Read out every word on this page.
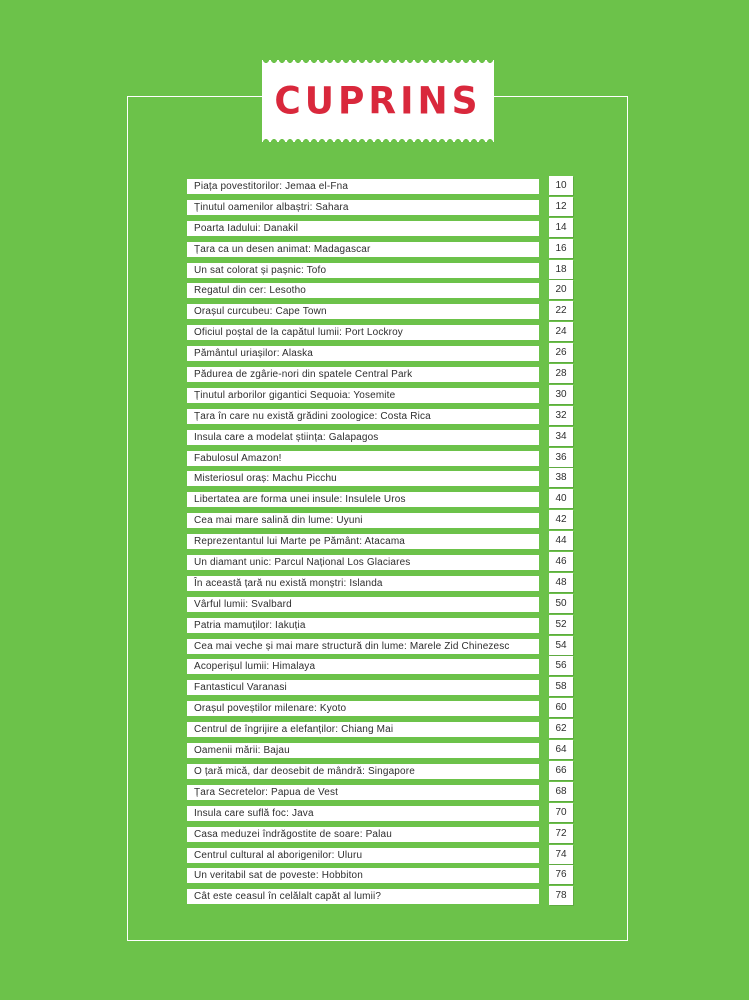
CUPRINS
Piața povestitorilor: Jemaa el-Fna	10
Ținutul oamenilor albaștri: Sahara	12
Poarta Iadului: Danakil	14
Țara ca un desen animat: Madagascar	16
Un sat colorat și pașnic: Tofo	18
Regatul din cer: Lesotho	20
Orașul curcubeu: Cape Town	22
Oficiul poștal de la capătul lumii: Port Lockroy	24
Pământul uriașilor: Alaska	26
Pădurea de zgârie-nori din spatele Central Park	28
Ținutul arborilor gigantici Sequoia: Yosemite	30
Țara în care nu există grădini zoologice: Costa Rica	32
Insula care a modelat știința: Galapagos	34
Fabulosul Amazon!	36
Misteriosul oraș: Machu Picchu	38
Libertatea are forma unei insule: Insulele Uros	40
Cea mai mare salină din lume: Uyuni	42
Reprezentantul lui Marte pe Pământ: Atacama	44
Un diamant unic: Parcul Național Los Glaciares	46
În această țară nu există monștri: Islanda	48
Vârful lumii: Svalbard	50
Patria mamuților: Iakuția	52
Cea mai veche și mai mare structură din lume: Marele Zid Chinezesc	54
Acoperișul lumii: Himalaya	56
Fantasticul Varanasi	58
Orașul poveștilor milenare: Kyoto	60
Centrul de îngrijire a elefanților: Chiang Mai	62
Oamenii mării: Bajau	64
O țară mică, dar deosebit de mândră: Singapore	66
Țara Secretelor: Papua de Vest	68
Insula care suflă foc: Java	70
Casa meduzei îndrăgostite de soare: Palau	72
Centrul cultural al aborigenilor: Uluru	74
Un veritabil sat de poveste: Hobbiton	76
Cât este ceasul în celălalt capăt al lumii?	78
